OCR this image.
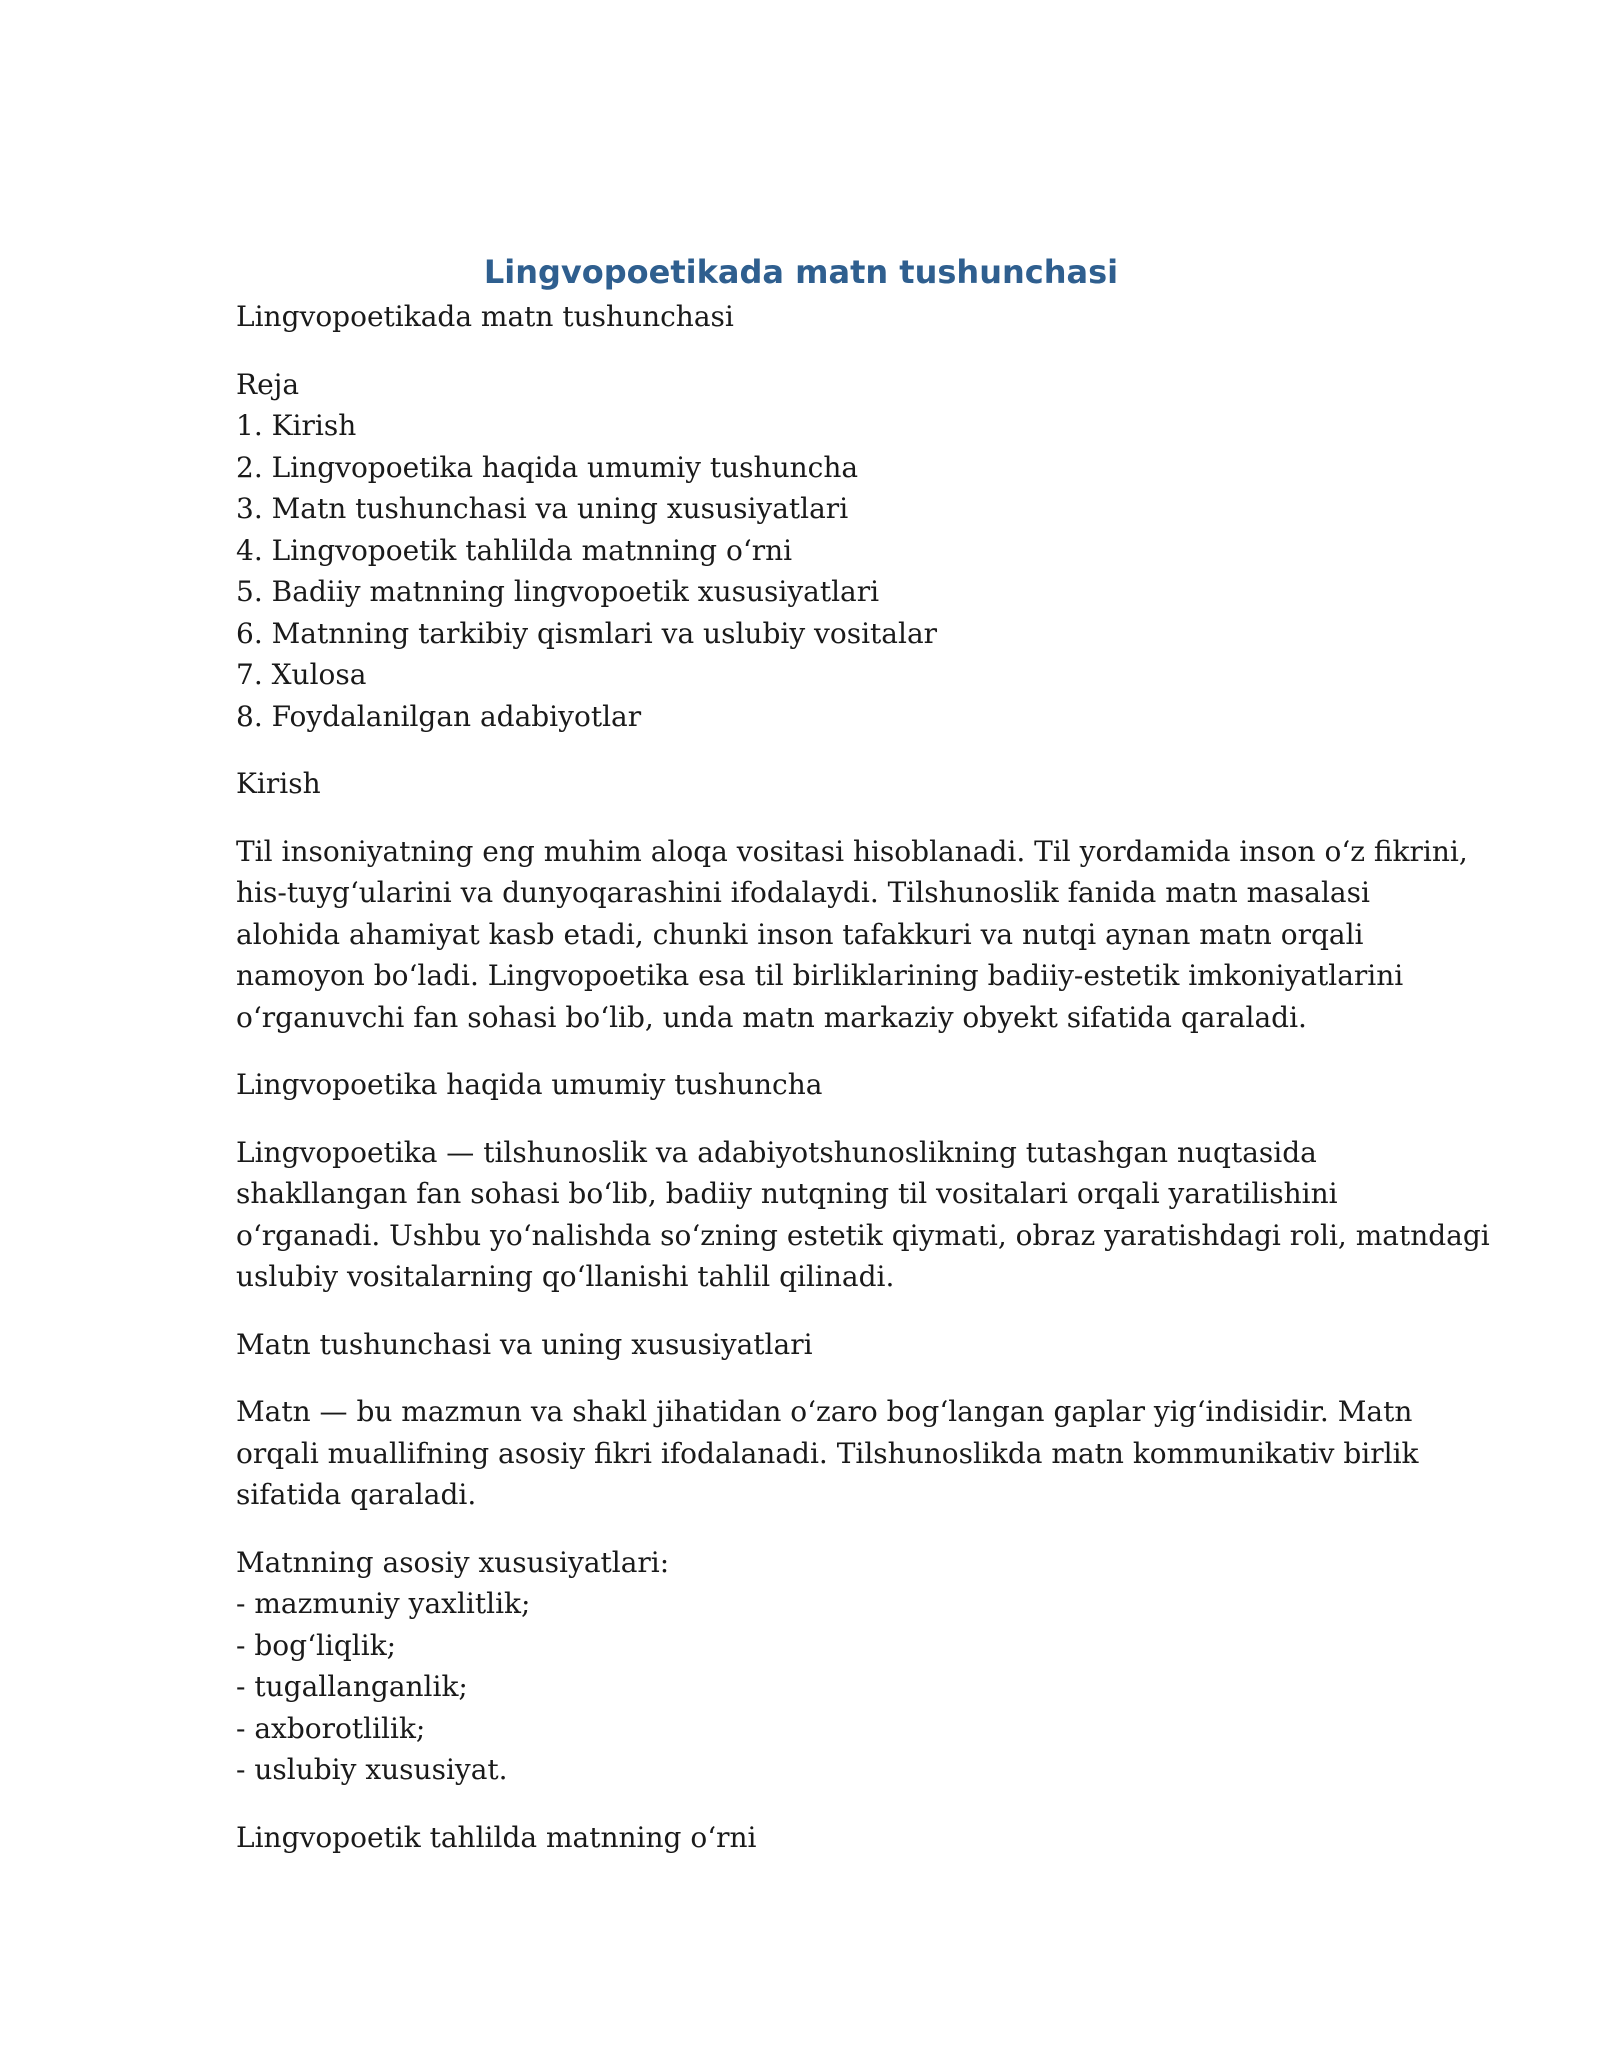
Lingvopoetikada matn tushunchasi
Lingvopoetikada matn tushunchasi
Reja
1. Kirish
2. Lingvopoetika haqida umumiy tushuncha
3. Matn tushunchasi va uning xususiyatlari
4. Lingvopoetik tahlilda matnning o‘rni
5. Badiiy matnning lingvopoetik xususiyatlari
6. Matnning tarkibiy qismlari va uslubiy vositalar
7. Xulosa
8. Foydalanilgan adabiyotlar
Kirish
Til insoniyatning eng muhim aloqa vositasi hisoblanadi. Til yordamida inson o‘z fikrini,
his-tuyg‘ularini va dunyoqarashini ifodalaydi. Tilshunoslik fanida matn masalasi
alohida ahamiyat kasb etadi, chunki inson tafakkuri va nutqi aynan matn orqali
namoyon bo‘ladi. Lingvopoetika esa til birliklarining badiiy-estetik imkoniyatlarini
o‘rganuvchi fan sohasi bo‘lib, unda matn markaziy obyekt sifatida qaraladi.
Lingvopoetika haqida umumiy tushuncha
Lingvopoetika — tilshunoslik va adabiyotshunoslikning tutashgan nuqtasida
shakllangan fan sohasi bo‘lib, badiiy nutqning til vositalari orqali yaratilishini
o‘rganadi. Ushbu yo‘nalishda so‘zning estetik qiymati, obraz yaratishdagi roli, matndagi
uslubiy vositalarning qo‘llanishi tahlil qilinadi.
Matn tushunchasi va uning xususiyatlari
Matn — bu mazmun va shakl jihatidan o‘zaro bog‘langan gaplar yig‘indisidir. Matn
orqali muallifning asosiy fikri ifodalanadi. Tilshunoslikda matn kommunikativ birlik
sifatida qaraladi.
Matnning asosiy xususiyatlari:
- mazmuniy yaxlitlik;
- bog‘liqlik;
- tugallanganlik;
- axborotlilik;
- uslubiy xususiyat.
Lingvopoetik tahlilda matnning o‘rni
